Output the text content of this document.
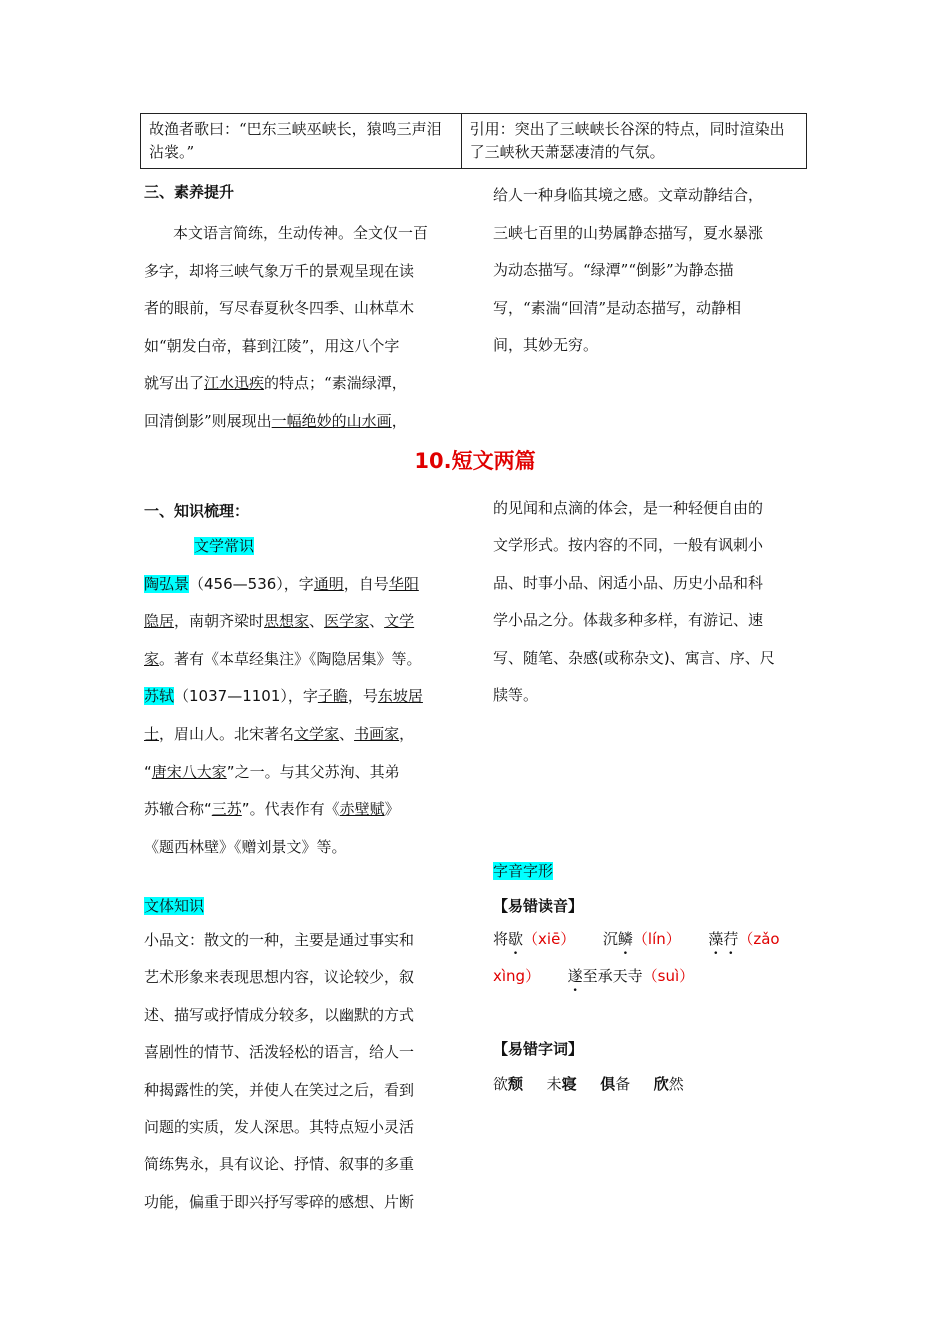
故渔者歌曰：“巴东三峡巫峡长，猿鸣三声泪沾裳。”	引用：突出了三峡峡长谷深的特点，同时渲染出了三峡秋天萧瑟凄清的气氛。
三、素养提升
本文语言简练，生动传神。全文仅一百
多字，却将三峡气象万千的景观呈现在读
者的眼前，写尽春夏秋冬四季、山林草木
如“朝发白帝，暮到江陵”，用这八个字
就写出了江水迅疾的特点；“素湍绿潭，
回清倒影”则展现出一幅绝妙的山水画，
给人一种身临其境之感。文章动静结合，
三峡七百里的山势属静态描写，夏水暴涨
为动态描写。“绿潭”“倒影”为静态描
写，“素湍“回清”是动态描写，动静相
间，其妙无穷。
10.短文两篇
一、知识梳理：
文学常识
陶弘景（456—536），字通明，自号华阳
隐居，南朝齐梁时思想家、医学家、文学
家。著有《本草经集注》《陶隐居集》等。
苏轼（1037—1101），字子瞻，号东坡居
士，眉山人。北宋著名文学家、书画家，
“唐宋八大家”之一。与其父苏洵、其弟
苏辙合称“三苏”。代表作有《赤壁赋》
《题西林壁》《赠刘景文》等。
文体知识
小品文：散文的一种，主要是通过事实和
艺术形象来表现思想内容，议论较少，叙
述、描写或抒情成分较多，以幽默的方式
喜剧性的情节、活泼轻松的语言，给人一
种揭露性的笑，并使人在笑过之后，看到
问题的实质，发人深思。其特点短小灵活
简练隽永，具有议论、抒情、叙事的多重
功能，偏重于即兴抒写零碎的感想、片断
的见闻和点滴的体会，是一种轻便自由的
文学形式。按内容的不同，一般有讽刺小
品、时事小品、闲适小品、历史小品和科
学小品之分。体裁多种多样，有游记、速
写、随笔、杂感(或称杂文)、寓言、序、尺
牍等。
字音字形
【易错读音】
将歇（xiē） 沉鳞（lín） 藻荇（zǎo
xìng） 遂至承天寺（suì）
【易错字词】
欲颓 未寝 俱备 欣然
